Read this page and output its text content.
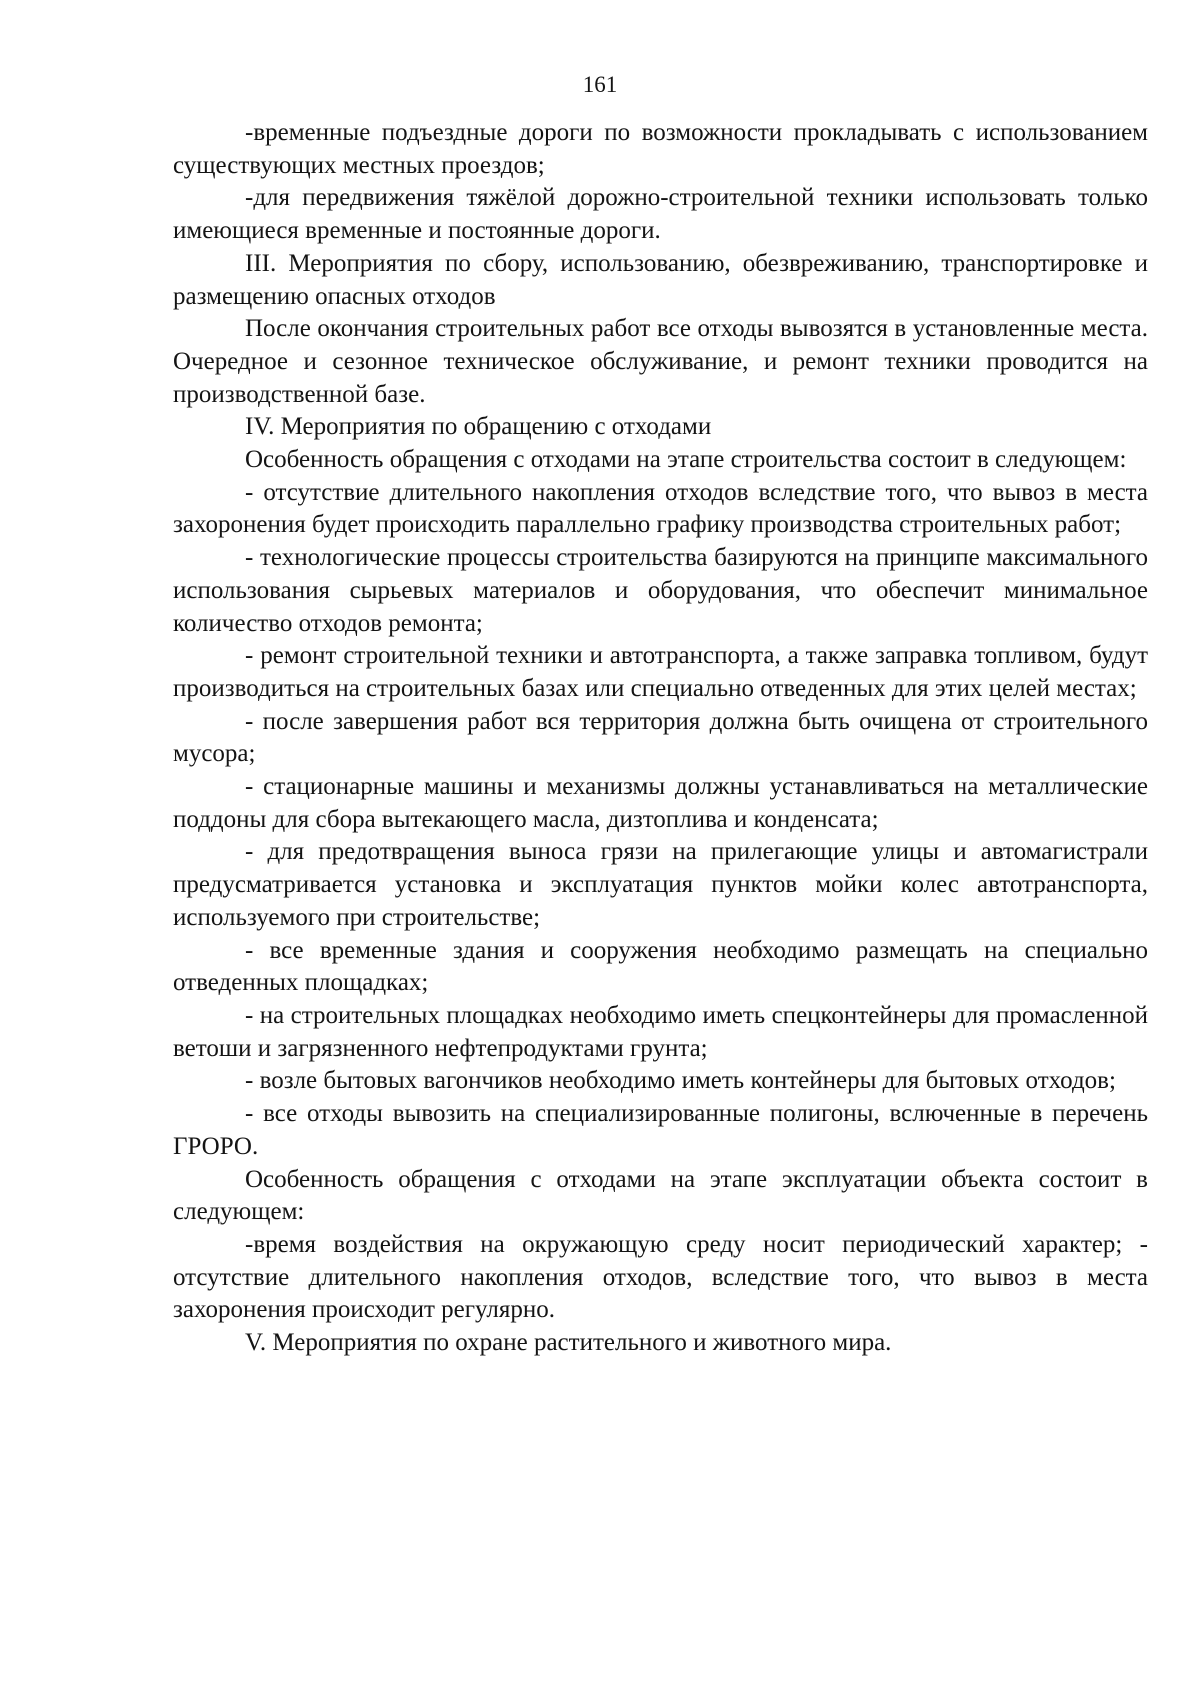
161

-временные подъездные дороги по возможности прокладывать с использованием существующих местных проездов;

-для передвижения тяжёлой дорожно-строительной техники использовать только имеющиеся временные и постоянные дороги.

III. Мероприятия по сбору, использованию, обезвреживанию, транспортировке и размещению опасных отходов

После окончания строительных работ все отходы вывозятся в установленные места. Очередное и сезонное техническое обслуживание, и ремонт техники проводится на производственной базе.

IV. Мероприятия по обращению с отходами

Особенность обращения с отходами на этапе строительства состоит в следующем:

- отсутствие длительного накопления отходов вследствие того, что вывоз в места захоронения будет происходить параллельно графику производства строительных работ;

- технологические процессы строительства базируются на принципе максимального использования сырьевых материалов и оборудования, что обеспечит минимальное количество отходов ремонта;

- ремонт строительной техники и автотранспорта, а также заправка топливом, будут производиться на строительных базах или специально отведенных для этих целей местах;

- после завершения работ вся территория должна быть очищена от строительного мусора;

- стационарные машины и механизмы должны устанавливаться на металлические поддоны для сбора вытекающего масла, дизтоплива и конденсата;

- для предотвращения выноса грязи на прилегающие улицы и автомагистрали предусматривается установка и эксплуатация пунктов мойки колес автотранспорта, используемого при строительстве;

- все временные здания и сооружения необходимо размещать на специально отведенных площадках;

- на строительных площадках необходимо иметь спецконтейнеры для промасленной ветоши и загрязненного нефтепродуктами грунта;

- возле бытовых вагончиков необходимо иметь контейнеры для бытовых отходов;

- все отходы вывозить на специализированные полигоны, вслюченные в перечень ГРОРО.

Особенность обращения с отходами на этапе эксплуатации объекта состоит в следующем:

-время воздействия на окружающую среду носит периодический характер; - отсутствие длительного накопления отходов, вследствие того, что вывоз в места захоронения происходит регулярно.

V. Мероприятия по охране растительного и животного мира.
